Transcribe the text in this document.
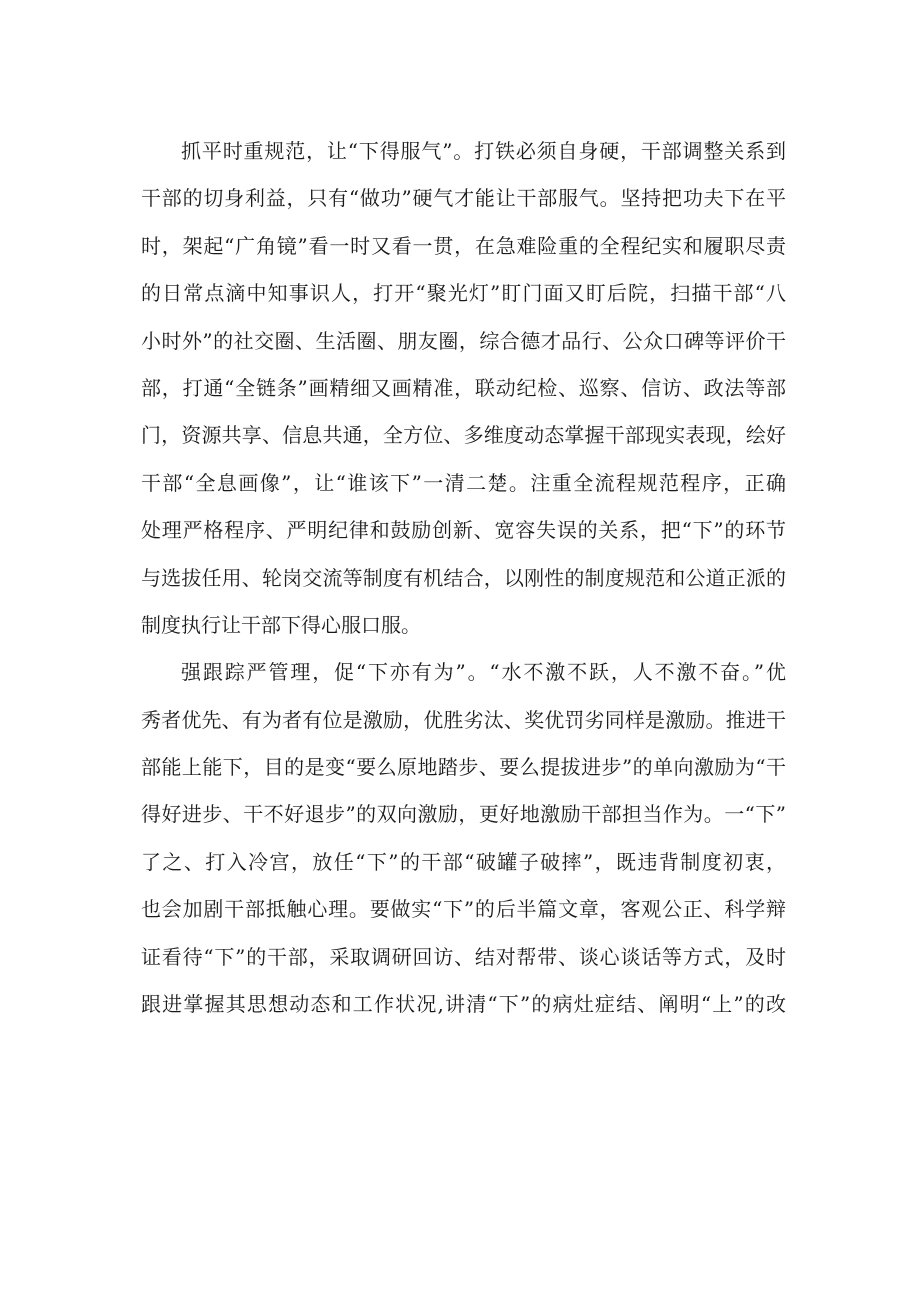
抓平时重规范，让“下得服气”。打铁必须自身硬，干部调整关系到
干部的切身利益，只有“做功”硬气才能让干部服气。坚持把功夫下在平
时，架起“广角镜”看一时又看一贯，在急难险重的全程纪实和履职尽责
的日常点滴中知事识人，打开“聚光灯”盯门面又盯后院，扫描干部“八
小时外”的社交圈、生活圈、朋友圈，综合德才品行、公众口碑等评价干
部，打通“全链条”画精细又画精准，联动纪检、巡察、信访、政法等部
门，资源共享、信息共通，全方位、多维度动态掌握干部现实表现，绘好
干部“全息画像”，让“谁该下”一清二楚。注重全流程规范程序，正确
处理严格程序、严明纪律和鼓励创新、宽容失误的关系，把“下”的环节
与选拔任用、轮岗交流等制度有机结合，以刚性的制度规范和公道正派的
制度执行让干部下得心服口服。
强跟踪严管理，促“下亦有为”。“水不激不跃，人不激不奋。”优
秀者优先、有为者有位是激励，优胜劣汰、奖优罚劣同样是激励。推进干
部能上能下，目的是变“要么原地踏步、要么提拔进步”的单向激励为“干
得好进步、干不好退步”的双向激励，更好地激励干部担当作为。一“下”
了之、打入冷宫，放任“下”的干部“破罐子破摔”，既违背制度初衷，
也会加剧干部抵触心理。要做实“下”的后半篇文章，客观公正、科学辩
证看待“下”的干部，采取调研回访、结对帮带、谈心谈话等方式，及时
跟进掌握其思想动态和工作状况,讲清“下”的病灶症结、阐明“上”的改
